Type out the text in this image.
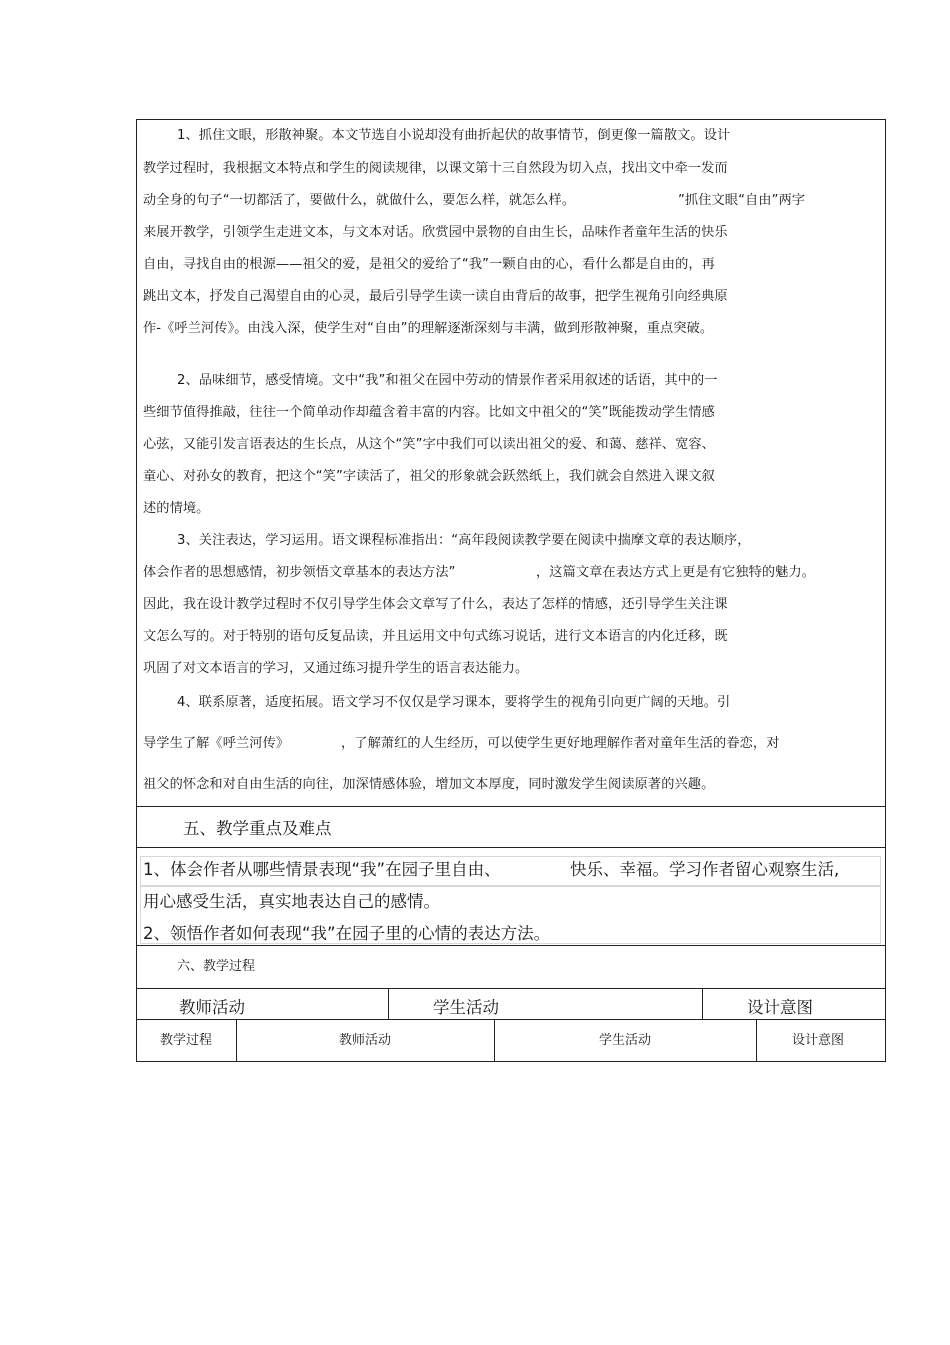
1、抓住文眼，形散神聚。本文节选自小说却没有曲折起伏的故事情节，倒更像一篇散文。设计
教学过程时，我根据文本特点和学生的阅读规律，以课文第十三自然段为切入点，找出文中牵一发而
动全身的句子“一切都活了，要做什么，就做什么，要怎么样，就怎么样。	”抓住文眼“自由”两字
来展开教学，引领学生走进文本，与文本对话。欣赏园中景物的自由生长，品味作者童年生活的快乐
自由，寻找自由的根源——祖父的爱，是祖父的爱给了“我”一颗自由的心，看什么都是自由的，再
跳出文本，抒发自己渴望自由的心灵，最后引导学生读一读自由背后的故事，把学生视角引向经典原
作-《呼兰河传》。由浅入深，使学生对“自由”的理解逐渐深刻与丰满，做到形散神聚，重点突破。
2、品味细节，感受情境。文中“我”和祖父在园中劳动的情景作者采用叙述的话语，其中的一
些细节值得推敲，往往一个简单动作却蕴含着丰富的内容。比如文中祖父的“笑”既能拨动学生情感
心弦，又能引发言语表达的生长点，从这个“笑”字中我们可以读出祖父的爱、和蔼、慈祥、宽容、
童心、对孙女的教育，把这个“笑”字读活了，祖父的形象就会跃然纸上，我们就会自然进入课文叙
述的情境。
3、关注表达，学习运用。语文课程标准指出：“高年段阅读教学要在阅读中揣摩文章的表达顺序，
体会作者的思想感情，初步领悟文章基本的表达方法”	，这篇文章在表达方式上更是有它独特的魅力。
因此，我在设计教学过程时不仅引导学生体会文章写了什么，表达了怎样的情感，还引导学生关注课
文怎么写的。对于特别的语句反复品读，并且运用文中句式练习说话，进行文本语言的内化迁移，既
巩固了对文本语言的学习，又通过练习提升学生的语言表达能力。
4、联系原著，适度拓展。语文学习不仅仅是学习课本，要将学生的视角引向更广阔的天地。引
导学生了解《呼兰河传》	，了解萧红的人生经历，可以使学生更好地理解作者对童年生活的眷恋，对
祖父的怀念和对自由生活的向往，加深情感体验，增加文本厚度，同时激发学生阅读原著的兴趣。
五、教学重点及难点
1、体会作者从哪些情景表现“我”在园子里自由、	快乐、幸福。学习作者留心观察生活,
用心感受生活，真实地表达自己的感情。
2、领悟作者如何表现“我”在园子里的心情的表达方法。
六、教学过程
教师活动	学生活动	设计意图
教学过程	教师活动	学生活动	设计意图
